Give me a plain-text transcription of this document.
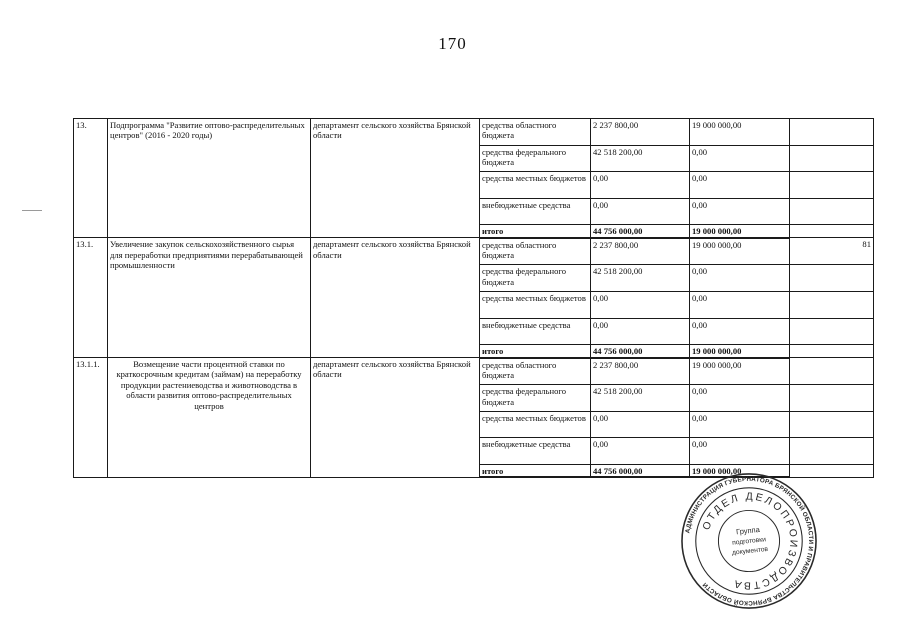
170
13.	Подпрограмма "Развитие оптово-распределительных центров" (2016 - 2020 годы)	департамент сельского хозяйства Брянской области	средства областного бюджета	2 237 800,00	19 000 000,00	
			средства федерального бюджета	42 518 200,00	0,00	
			средства местных бюджетов	0,00	0,00	
			внебюджетные средства	0,00	0,00	
			итого	44 756 000,00	19 000 000,00	
13.1.	Увеличение закупок сельскохозяйственного сырья для переработки предприятиями перерабатывающей промышленности	департамент сельского хозяйства Брянской области	средства областного бюджета	2 237 800,00	19 000 000,00	81
			средства федерального бюджета	42 518 200,00	0,00	
			средства местных бюджетов	0,00	0,00	
			внебюджетные средства	0,00	0,00	
			итого	44 756 000,00	19 000 000,00	
13.1.1.	Возмещение части процентной ставки по краткосрочным кредитам (займам) на переработку продукции растениеводства и животноводства в области развития оптово-распределительных центров	департамент сельского хозяйства Брянской области	средства областного бюджета	2 237 800,00	19 000 000,00	
			средства федерального бюджета	42 518 200,00	0,00	
			средства местных бюджетов	0,00	0,00	
			внебюджетные средства	0,00	0,00	
			итого	44 756 000,00	19 000 000,00	
АДМИНИСТРАЦИЯ ГУБЕРНАТОРА БРЯНСКОЙ ОБЛАСТИ И ПРАВИТЕЛЬСТВА БРЯНСКОЙ ОБЛАСТИ
ОТДЕЛ ДЕЛОПРОИЗВОДСТВА
Группа
подготовки
документов
